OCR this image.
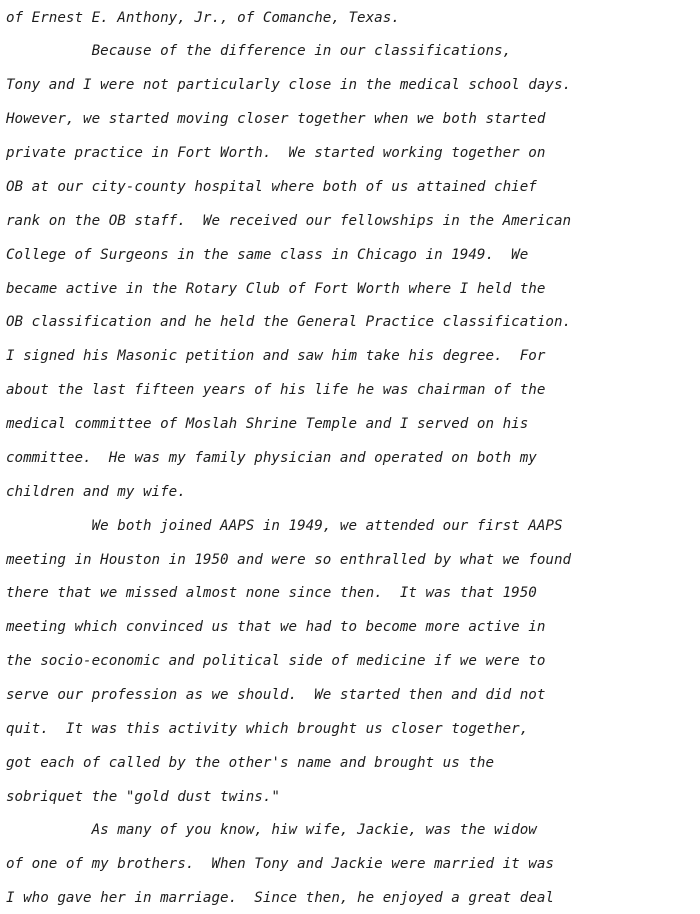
of Ernest E. Anthony, Jr., of Comanche, Texas.
Because of the difference in our classifications,
Tony and I were not particularly close in the medical school days.
However, we started moving closer together when we both started
private practice in Fort Worth.  We started working together on
OB at our city-county hospital where both of us attained chief
rank on the OB staff.  We received our fellowships in the American
College of Surgeons in the same class in Chicago in 1949.  We
became active in the Rotary Club of Fort Worth where I held the
OB classification and he held the General Practice classification.
I signed his Masonic petition and saw him take his degree.  For
about the last fifteen years of his life he was chairman of the
medical committee of Moslah Shrine Temple and I served on his
committee.  He was my family physician and operated on both my
children and my wife.
We both joined AAPS in 1949, we attended our first AAPS
meeting in Houston in 1950 and were so enthralled by what we found
there that we missed almost none since then.  It was that 1950
meeting which convinced us that we had to become more active in
the socio-economic and political side of medicine if we were to
serve our profession as we should.  We started then and did not
quit.  It was this activity which brought us closer together,
got each of called by the other's name and brought us the
sobriquet the "gold dust twins."
As many of you know, hiw wife, Jackie, was the widow
of one of my brothers.  When Tony and Jackie were married it was
I who gave her in marriage.  Since then, he enjoyed a great deal
